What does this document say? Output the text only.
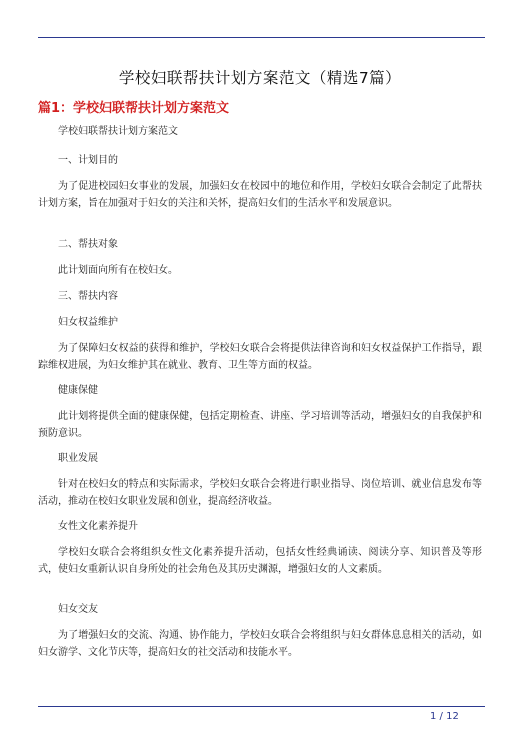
学校妇联帮扶计划方案范文（精选7篇）
篇1：学校妇联帮扶计划方案范文

学校妇联帮扶计划方案范文

一、计划目的

为了促进校园妇女事业的发展，加强妇女在校园中的地位和作用，学校妇女联合会制定了此帮扶计划方案，旨在加强对于妇女的关注和关怀，提高妇女们的生活水平和发展意识。

二、帮扶对象

此计划面向所有在校妇女。

三、帮扶内容

妇女权益维护

为了保障妇女权益的获得和维护，学校妇女联合会将提供法律咨询和妇女权益保护工作指导，跟踪维权进展，为妇女维护其在就业、教育、卫生等方面的权益。

健康保健

此计划将提供全面的健康保健，包括定期检查、讲座、学习培训等活动，增强妇女的自我保护和预防意识。

职业发展

针对在校妇女的特点和实际需求，学校妇女联合会将进行职业指导、岗位培训、就业信息发布等活动，推动在校妇女职业发展和创业，提高经济收益。

女性文化素养提升

学校妇女联合会将组织女性文化素养提升活动，包括女性经典诵读、阅读分享、知识普及等形式，使妇女重新认识自身所处的社会角色及其历史渊源，增强妇女的人文素质。

妇女交友

为了增强妇女的交流、沟通、协作能力，学校妇女联合会将组织与妇女群体息息相关的活动，如妇女游学、文化节庆等，提高妇女的社交活动和技能水平。

1 / 12
